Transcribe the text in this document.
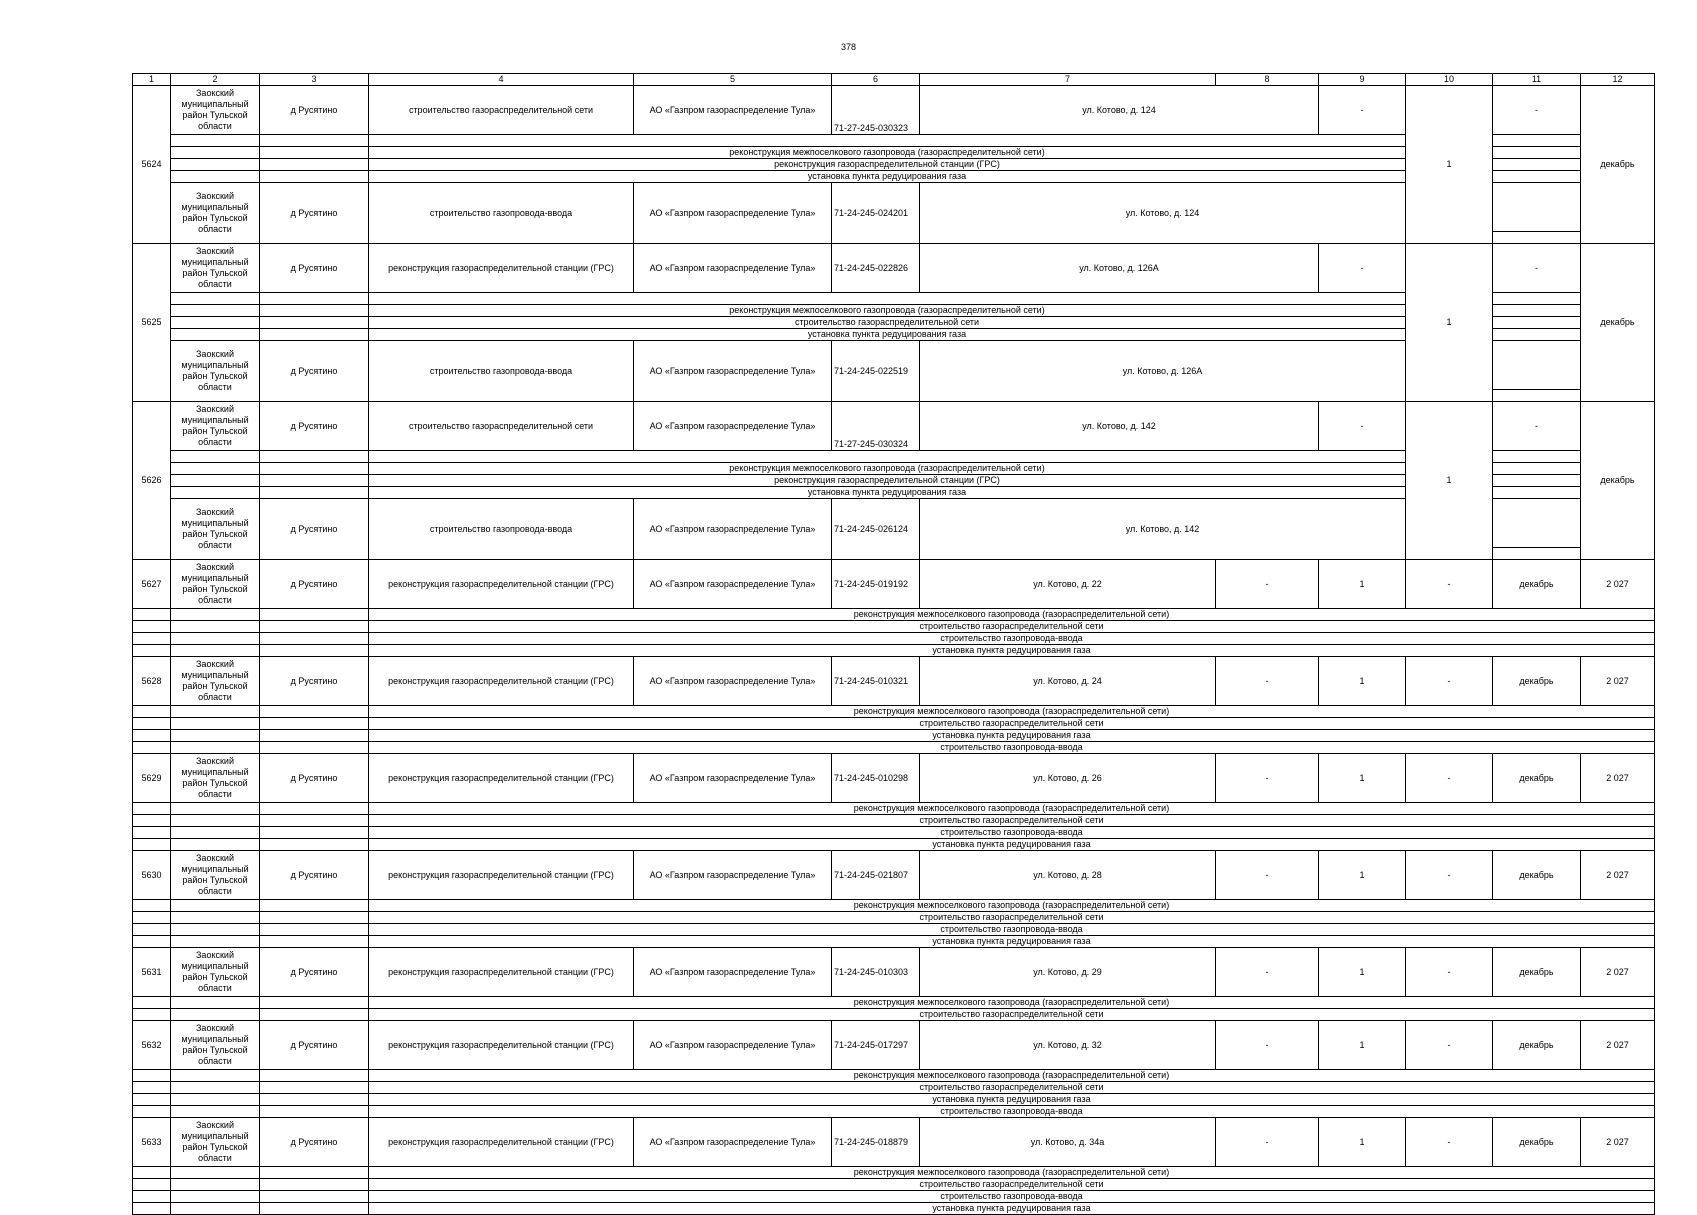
378
1	2	3	4	5	6	7	8	9	10	11	12	
5624	Заокский муниципальный район Тульской области	д Русятино	строительство газораспределительной сети	АО «Газпром газораспределение Тула»	71-27-245-030323	ул. Котово, д. 124		-	1	-	декабрь	

			реконструкция межпоселкового газопровода (газораспределительной сети)									
			реконструкция газораспределительной станции (ГРС)									
			установка пункта редуцирования газа									
	Заокский муниципальный район Тульской области	д Русятино	строительство газопровода-ввода	АО «Газпром газораспределение Тула»	71-24-245-024201	ул. Котово, д. 124						

5625	Заокский муниципальный район Тульской области	д Русятино	реконструкция газораспределительной станции (ГРС)	АО «Газпром газораспределение Тула»	71-24-245-022826	ул. Котово, д. 126А		-	1	-	декабрь	

			реконструкция межпоселкового газопровода (газораспределительной сети)									
			строительство газораспределительной сети									
			установка пункта редуцирования газа									
	Заокский муниципальный район Тульской области	д Русятино	строительство газопровода-ввода	АО «Газпром газораспределение Тула»	71-24-245-022519	ул. Котово, д. 126А						

5626	Заокский муниципальный район Тульской области	д Русятино	строительство газораспределительной сети	АО «Газпром газораспределение Тула»	71-27-245-030324	ул. Котово, д. 142		-	1	-	декабрь	

			реконструкция межпоселкового газопровода (газораспределительной сети)									
			реконструкция газораспределительной станции (ГРС)									
			установка пункта редуцирования газа									
	Заокский муниципальный район Тульской области	д Русятино	строительство газопровода-ввода	АО «Газпром газораспределение Тула»	71-24-245-026124	ул. Котово, д. 142						

5627	Заокский муниципальный район Тульской области	д Русятино	реконструкция газораспределительной станции (ГРС)	АО «Газпром газораспределение Тула»	71-24-245-019192	ул. Котово, д. 22	-	1	-	декабрь	2 027	
			реконструкция межпоселкового газопровода (газораспределительной сети)									
			строительство газораспределительной сети									
			строительство газопровода-ввода									
			установка пункта редуцирования газа									
5628	Заокский муниципальный район Тульской области	д Русятино	реконструкция газораспределительной станции (ГРС)	АО «Газпром газораспределение Тула»	71-24-245-010321	ул. Котово, д. 24	-	1	-	декабрь	2 027	
			реконструкция межпоселкового газопровода (газораспределительной сети)									
			строительство газораспределительной сети									
			установка пункта редуцирования газа									
			строительство газопровода-ввода									
5629	Заокский муниципальный район Тульской области	д Русятино	реконструкция газораспределительной станции (ГРС)	АО «Газпром газораспределение Тула»	71-24-245-010298	ул. Котово, д. 26	-	1	-	декабрь	2 027	
			реконструкция межпоселкового газопровода (газораспределительной сети)									
			строительство газораспределительной сети									
			строительство газопровода-ввода									
			установка пункта редуцирования газа									
5630	Заокский муниципальный район Тульской области	д Русятино	реконструкция газораспределительной станции (ГРС)	АО «Газпром газораспределение Тула»	71-24-245-021807	ул. Котово, д. 28	-	1	-	декабрь	2 027	
			реконструкция межпоселкового газопровода (газораспределительной сети)									
			строительство газораспределительной сети									
			строительство газопровода-ввода									
			установка пункта редуцирования газа									
5631	Заокский муниципальный район Тульской области	д Русятино	реконструкция газораспределительной станции (ГРС)	АО «Газпром газораспределение Тула»	71-24-245-010303	ул. Котово, д. 29	-	1	-	декабрь	2 027	
			реконструкция межпоселкового газопровода (газораспределительной сети)									
			строительство газораспределительной сети									
5632	Заокский муниципальный район Тульской области	д Русятино	реконструкция газораспределительной станции (ГРС)	АО «Газпром газораспределение Тула»	71-24-245-017297	ул. Котово, д. 32	-	1	-	декабрь	2 027	
			реконструкция межпоселкового газопровода (газораспределительной сети)									
			строительство газораспределительной сети									
			установка пункта редуцирования газа									
			строительство газопровода-ввода									
5633	Заокский муниципальный район Тульской области	д Русятино	реконструкция газораспределительной станции (ГРС)	АО «Газпром газораспределение Тула»	71-24-245-018879	ул. Котово, д. 34а	-	1	-	декабрь	2 027	
			реконструкция межпоселкового газопровода (газораспределительной сети)									
			строительство газораспределительной сети									
			строительство газопровода-ввода									
			установка пункта редуцирования газа									
